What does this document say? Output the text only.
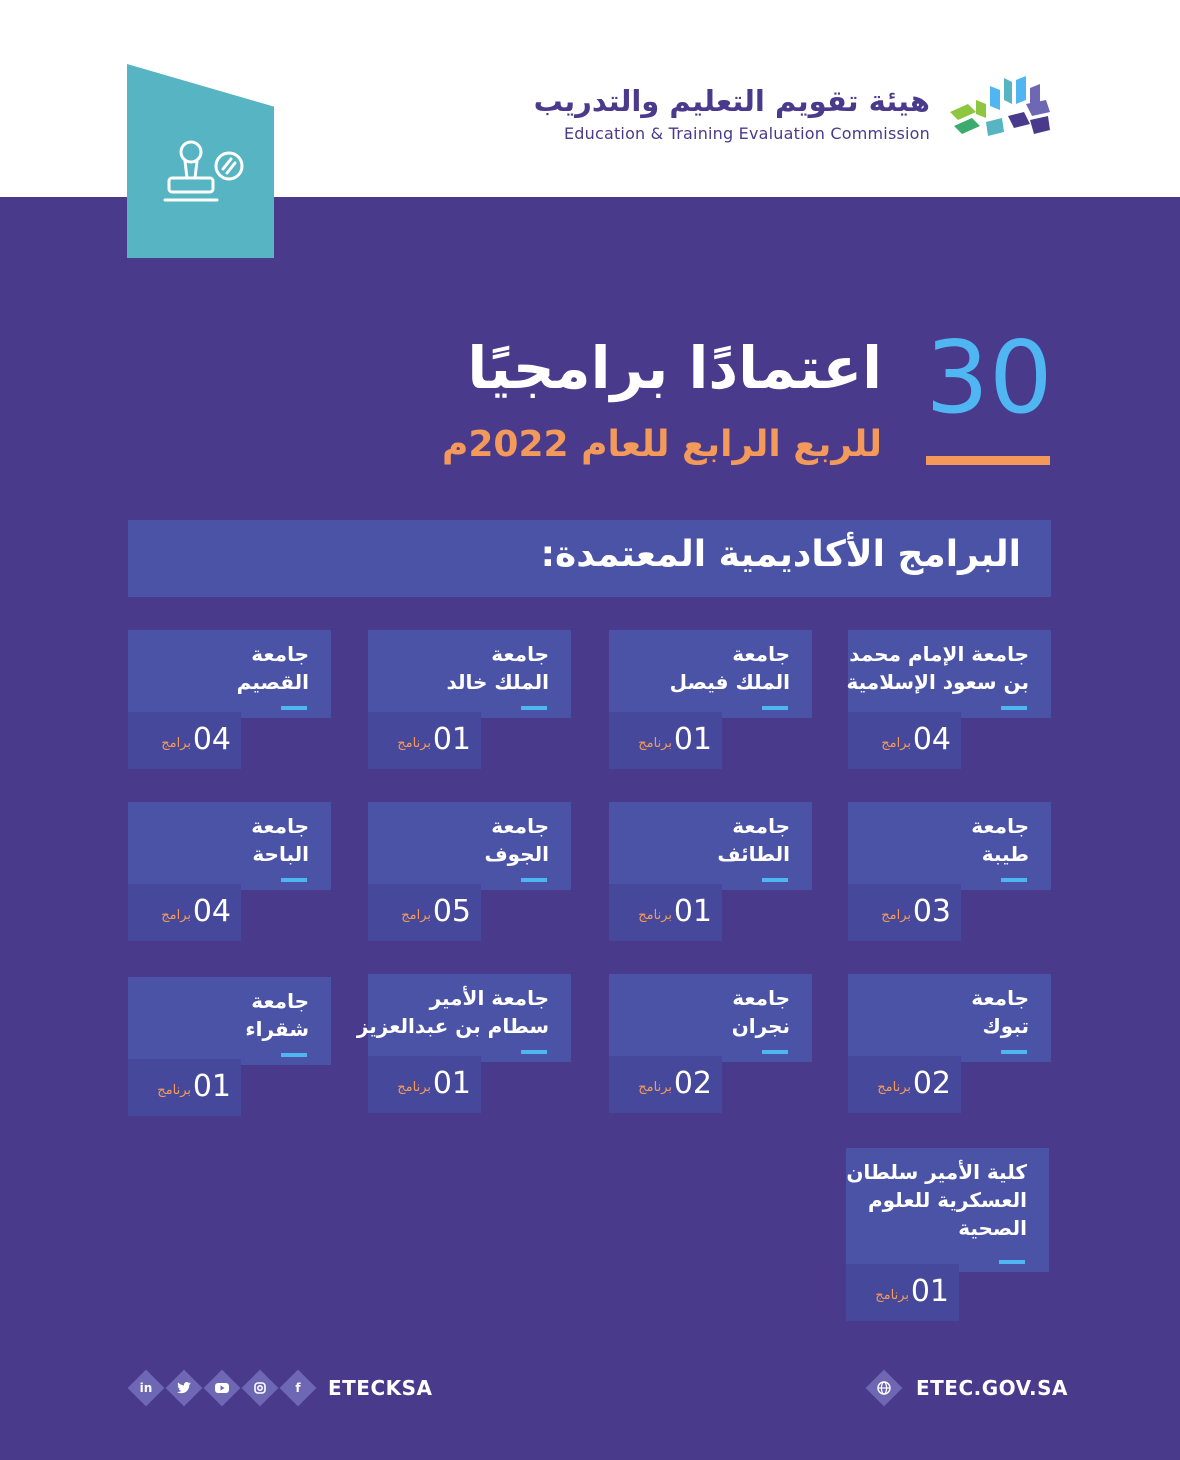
هيئة تقويم التعليم والتدريب
Education & Training Evaluation Commission
30
اعتمادًا برامجيًا
للربع الرابع للعام 2022م
البرامج الأكاديمية المعتمدة:
جامعة الإمام محمد
بن سعود الإسلامية
04
برامج
جامعة
الملك فيصل
01
برنامج
جامعة
الملك خالد
01
برنامج
جامعة
القصيم
04
برامج
جامعة
طيبة
03
برامج
جامعة
الطائف
01
برنامج
جامعة
الجوف
05
برامج
جامعة
الباحة
04
برامج
جامعة
تبوك
02
برنامج
جامعة
نجران
02
برنامج
جامعة الأمير
سطام بن عبدالعزيز
01
برنامج
جامعة
شقراء
01
برنامج
كلية الأمير سلطان
العسكرية للعلوم
الصحية
01
برنامج
in	f	ETECKSA	ETEC.GOV.SA
